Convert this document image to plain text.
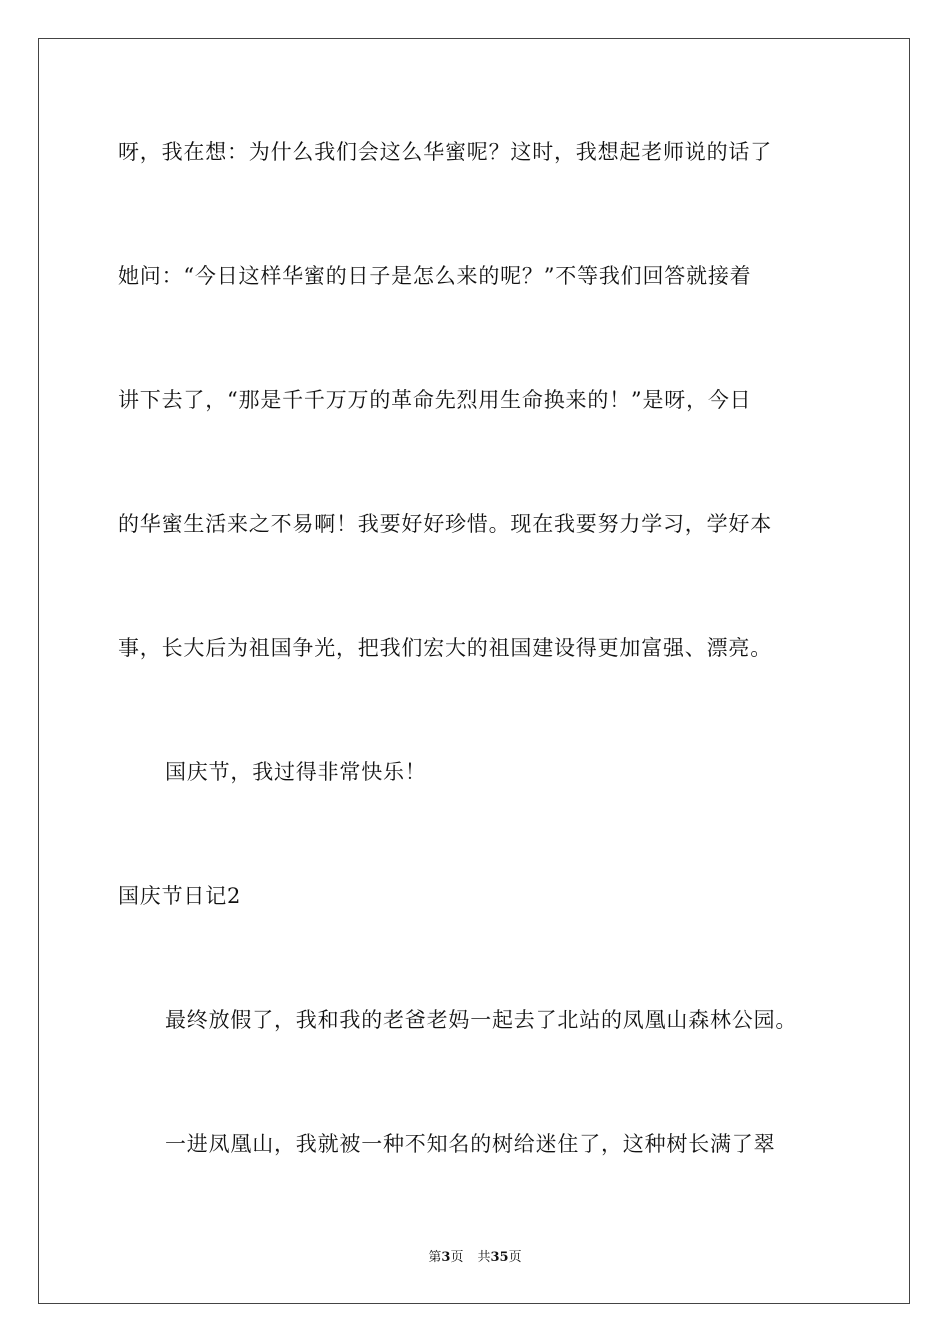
呀，我在想：为什么我们会这么华蜜呢？这时，我想起老师说的话了
她问：“今日这样华蜜的日子是怎么来的呢？”不等我们回答就接着
讲下去了，“那是千千万万的革命先烈用生命换来的！”是呀，今日
的华蜜生活来之不易啊！我要好好珍惜。现在我要努力学习，学好本
事，长大后为祖国争光，把我们宏大的祖国建设得更加富强、漂亮。
国庆节，我过得非常快乐！
国庆节日记2
最终放假了，我和我的老爸老妈一起去了北站的凤凰山森林公园。
一进凤凰山，我就被一种不知名的树给迷住了，这种树长满了翠
第3页 共35页
